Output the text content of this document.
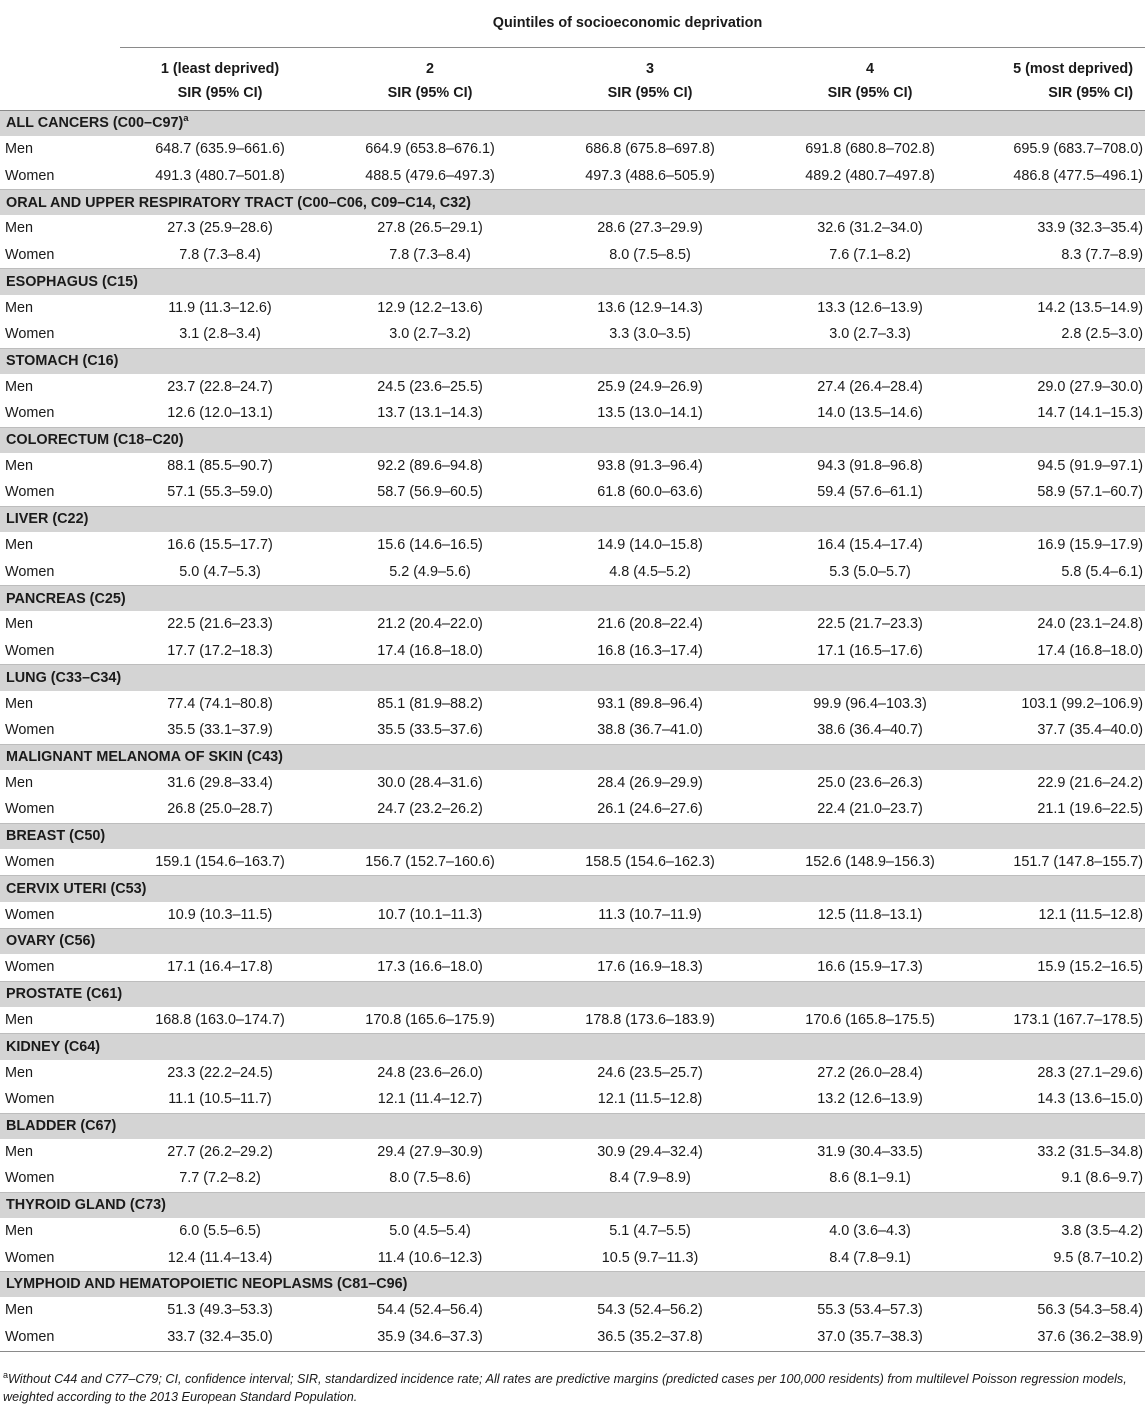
	Quintiles of socioeconomic deprivation				
	1 (least deprived)	2	3	4	5 (most deprived)
	SIR (95% CI)	SIR (95% CI)	SIR (95% CI)	SIR (95% CI)	SIR (95% CI)
ALL CANCERS $(C00-C97)^a$
Men	648.7 (635.9–661.6)	664.9 (653.8–676.1)	686.8 (675.8–697.8)	691.8 (680.8–702.8)	695.9 (683.7–708.0)
Women	491.3 (480.7–501.8)	488.5 (479.6–497.3)	497.3 (488.6–505.9)	489.2 (480.7–497.8)	486.8 (477.5–496.1)
ORAL AND UPPER RESPIRATORY TRACT (C00–C06, C09–C14, C32)					
Men	27.3 (25.9–28.6)	27.8 (26.5–29.1)	28.6 (27.3–29.9)	32.6 (31.2–34.0)	33.9 (32.3–35.4)
Women	7.8 (7.3–8.4)	7.8 (7.3–8.4)	8.0 (7.5–8.5)	7.6 (7.1–8.2)	8.3 (7.7–8.9)
ESOPHAGUS (C15)					
Men	11.9 (11.3–12.6)	12.9 (12.2–13.6)	13.6 (12.9–14.3)	13.3 (12.6–13.9)	14.2 (13.5–14.9)
Women	3.1 (2.8–3.4)	3.0 (2.7–3.2)	3.3 (3.0–3.5)	3.0 (2.7–3.3)	2.8 (2.5–3.0)
STOMACH (C16)					
Men	23.7 (22.8–24.7)	24.5 (23.6–25.5)	25.9 (24.9–26.9)	27.4 (26.4–28.4)	29.0 (27.9–30.0)
Women	12.6 (12.0–13.1)	13.7 (13.1–14.3)	13.5 (13.0–14.1)	14.0 (13.5–14.6)	14.7 (14.1–15.3)
COLORECTUM (C18–C20)					
Men	88.1 (85.5–90.7)	92.2 (89.6–94.8)	93.8 (91.3–96.4)	94.3 (91.8–96.8)	94.5 (91.9–97.1)
Women	57.1 (55.3–59.0)	58.7 (56.9–60.5)	61.8 (60.0–63.6)	59.4 (57.6–61.1)	58.9 (57.1–60.7)
LIVER (C22)					
Men	16.6 (15.5–17.7)	15.6 (14.6–16.5)	14.9 (14.0–15.8)	16.4 (15.4–17.4)	16.9 (15.9–17.9)
Women	5.0 (4.7–5.3)	5.2 (4.9–5.6)	4.8 (4.5–5.2)	5.3 (5.0–5.7)	5.8 (5.4–6.1)
PANCREAS (C25)					
Men	22.5 (21.6–23.3)	21.2 (20.4–22.0)	21.6 (20.8–22.4)	22.5 (21.7–23.3)	24.0 (23.1–24.8)
Women	17.7 (17.2–18.3)	17.4 (16.8–18.0)	16.8 (16.3–17.4)	17.1 (16.5–17.6)	17.4 (16.8–18.0)
LUNG (C33–C34)					
Men	77.4 (74.1–80.8)	85.1 (81.9–88.2)	93.1 (89.8–96.4)	99.9 (96.4–103.3)	103.1 (99.2–106.9)
Women	35.5 (33.1–37.9)	35.5 (33.5–37.6)	38.8 (36.7–41.0)	38.6 (36.4–40.7)	37.7 (35.4–40.0)
MALIGNANT MELANOMA OF SKIN (C43)					
Men	31.6 (29.8–33.4)	30.0 (28.4–31.6)	28.4 (26.9–29.9)	25.0 (23.6–26.3)	22.9 (21.6–24.2)
Women	26.8 (25.0–28.7)	24.7 (23.2–26.2)	26.1 (24.6–27.6)	22.4 (21.0–23.7)	21.1 (19.6–22.5)
BREAST (C50)					
Women	159.1 (154.6–163.7)	156.7 (152.7–160.6)	158.5 (154.6–162.3)	152.6 (148.9–156.3)	151.7 (147.8–155.7)
CERVIX UTERI (C53)					
Women	10.9 (10.3–11.5)	10.7 (10.1–11.3)	11.3 (10.7–11.9)	12.5 (11.8–13.1)	12.1 (11.5–12.8)
OVARY (C56)					
Women	17.1 (16.4–17.8)	17.3 (16.6–18.0)	17.6 (16.9–18.3)	16.6 (15.9–17.3)	15.9 (15.2–16.5)
PROSTATE (C61)					
Men	168.8 (163.0–174.7)	170.8 (165.6–175.9)	178.8 (173.6–183.9)	170.6 (165.8–175.5)	173.1 (167.7–178.5)
KIDNEY (C64)					
Men	23.3 (22.2–24.5)	24.8 (23.6–26.0)	24.6 (23.5–25.7)	27.2 (26.0–28.4)	28.3 (27.1–29.6)
Women	11.1 (10.5–11.7)	12.1 (11.4–12.7)	12.1 (11.5–12.8)	13.2 (12.6–13.9)	14.3 (13.6–15.0)
BLADDER (C67)					
Men	27.7 (26.2–29.2)	29.4 (27.9–30.9)	30.9 (29.4–32.4)	31.9 (30.4–33.5)	33.2 (31.5–34.8)
Women	7.7 (7.2–8.2)	8.0 (7.5–8.6)	8.4 (7.9–8.9)	8.6 (8.1–9.1)	9.1 (8.6–9.7)
THYROID GLAND (C73)					
Men	6.0 (5.5–6.5)	5.0 (4.5–5.4)	5.1 (4.7–5.5)	4.0 (3.6–4.3)	3.8 (3.5–4.2)
Women	12.4 (11.4–13.4)	11.4 (10.6–12.3)	10.5 (9.7–11.3)	8.4 (7.8–9.1)	9.5 (8.7–10.2)
LYMPHOID AND HEMATOPOIETIC NEOPLASMS (C81–C96)					
Men	51.3 (49.3–53.3)	54.4 (52.4–56.4)	54.3 (52.4–56.2)	55.3 (53.4–57.3)	56.3 (54.3–58.4)
Women	33.7 (32.4–35.0)	35.9 (34.6–37.3)	36.5 (35.2–37.8)	37.0 (35.7–38.3)	37.6 (36.2–38.9)
$^a$Without C44 and C77–C79; CI, confidence interval; SIR, standardized incidence rate; All rates are predictive margins (predicted cases per 100,000 residents) from multilevel Poisson regression models, weighted according to the 2013 European Standard Population.
